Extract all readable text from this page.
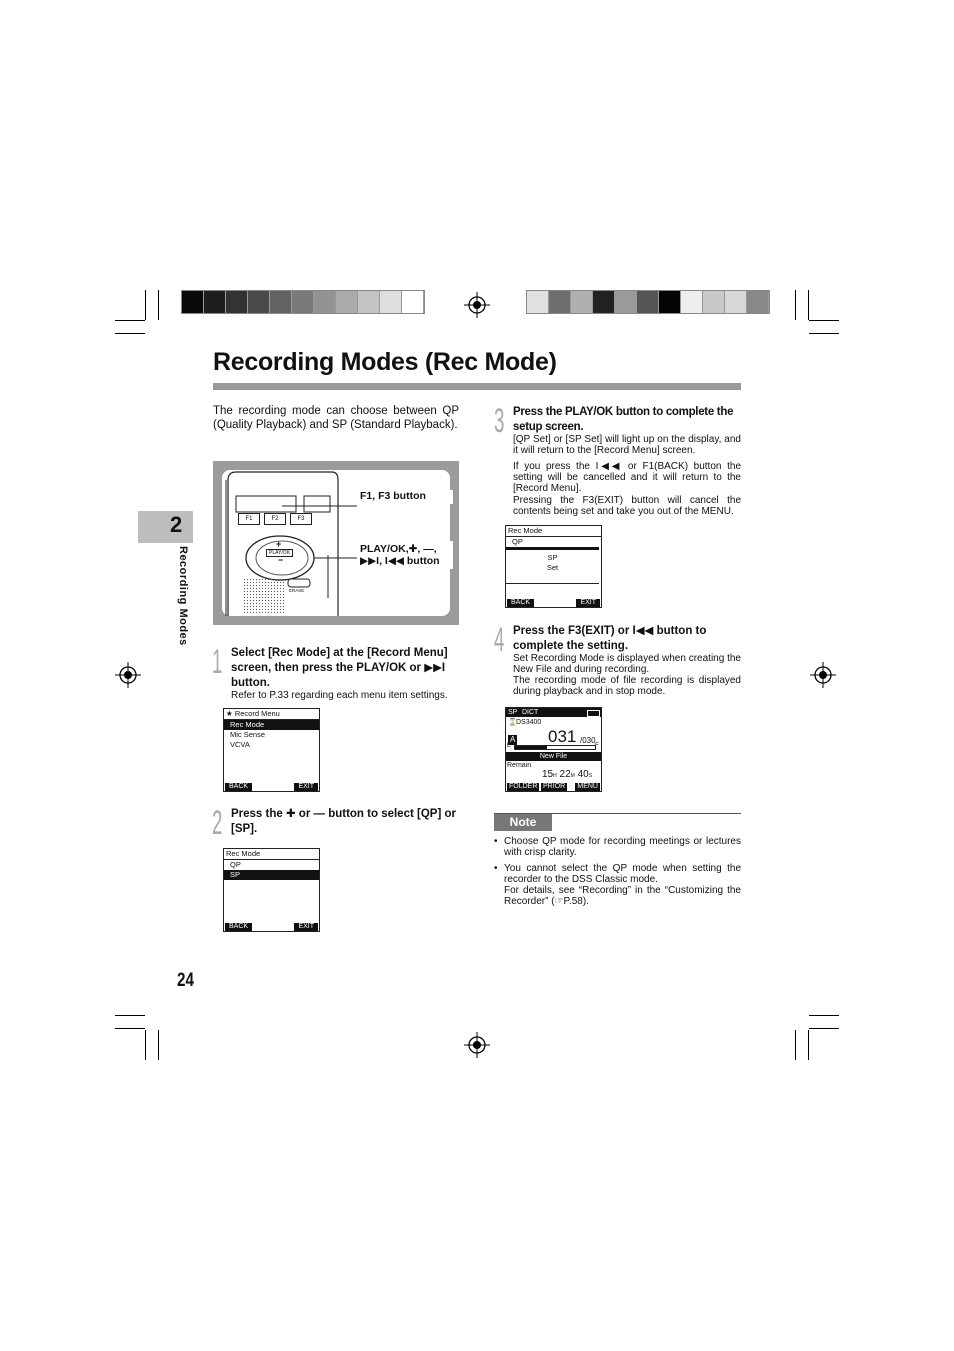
Recording Modes (Rec Mode)
2
Recording Modes
24

The recording mode can choose between QP (Quality Playback) and SP (Standard Playback).

F1	F2	F3
+
PLAY/OK
−
ERASE
F1, F3 button
PLAY/OK,✚, —,
▶▶I, I◀◀ button
1 Select [Rec Mode] at the [Record Menu] screen, then press the PLAY/OK or ▶▶I button.

Refer to P.33 regarding each menu item settings.

★ Record Menu
Rec Mode
Mic Sense
VCVA
BACK	EXIT
2 Press the ✚ or — button to select [QP] or [SP].

Rec Mode
QP
SP
BACK	EXIT
3 Press the PLAY/OK button to complete the setup screen.

[QP Set] or [SP Set] will light up on the display, and it will return to the [Record Menu] screen.

If you press the I◀◀ or F1(BACK) button the setting will be cancelled and it will return to the [Record Menu].

Pressing the F3(EXIT) button will cancel the contents being set and take you out of the MENU.

Rec Mode
QP
SP
Set
BACK	EXIT
4 Press the F3(EXIT) or I◀◀ button to complete the setting.

Set Recording Mode is displayed when creating the New File and during recording.

The recording mode of file recording is displayed during playback and in stop mode.

SP DICT
⌛ DS3400
A 031 /030
E	F
New File
Remain
15H 22M 40S
FOLDER PRIOR MENU
Note
• Choose QP mode for recording meetings or lectures with crisp clarity.
• You cannot select the QP mode when setting the recorder to the DSS Classic mode.
For details, see “Recording” in the “Customizing the Recorder” (☞P.58).
